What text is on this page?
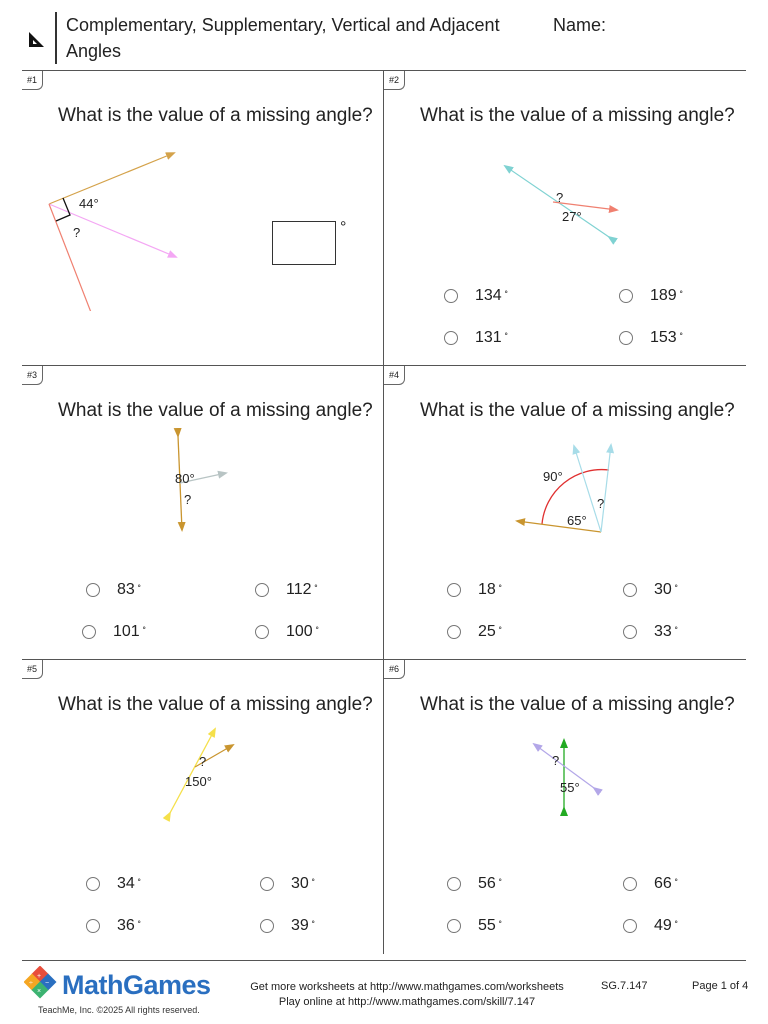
Complementary, Supplementary, Vertical and Adjacent Angles
Name:
#1
What is the value of a missing angle?
44°
?	°
#2
What is the value of a missing angle?
?
27°
134 ˚	189 ˚
131 ˚	153 ˚
#3
What is the value of a missing angle?
80°
?
83 ˚	112 ˚
101 ˚	100 ˚
#4
What is the value of a missing angle?
90°
?
65°
18 ˚	30 ˚
25 ˚	33 ˚
#5
What is the value of a missing angle?
?
150°
34 ˚	30 ˚
36 ˚	39 ˚
#6
What is the value of a missing angle?
?
55°
56 ˚	66 ˚
55 ˚	49 ˚
+
÷ −
× MathGames
TeachMe, Inc. ©2025 All rights reserved.
Get more worksheets at http://www.mathgames.com/worksheets
Play online at http://www.mathgames.com/skill/7.147
SG.7.147	Page 1 of 4
